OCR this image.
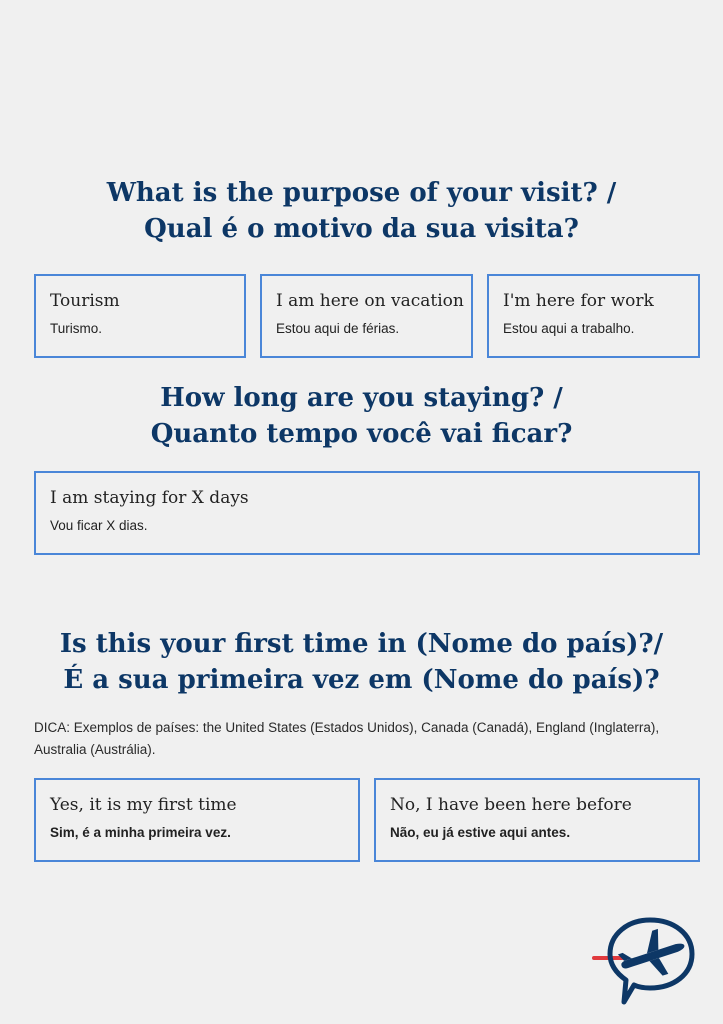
What is the purpose of your visit? /
Qual é o motivo da sua visita?
Tourism
Turismo.
I am here on vacation
Estou aqui de férias.
I'm here for work
Estou aqui a trabalho.
How long are you staying? /
Quanto tempo você vai ficar?
I am staying for X days
Vou ficar X dias.
Is this your first time in (Nome do país)?/
É a sua primeira vez em (Nome do país)?

DICA: Exemplos de países: the United States (Estados Unidos), Canada (Canadá), England (Inglaterra), Australia (Austrália).

Yes, it is my first time
Sim, é a minha primeira vez.
No, I have been here before
Não, eu já estive aqui antes.
